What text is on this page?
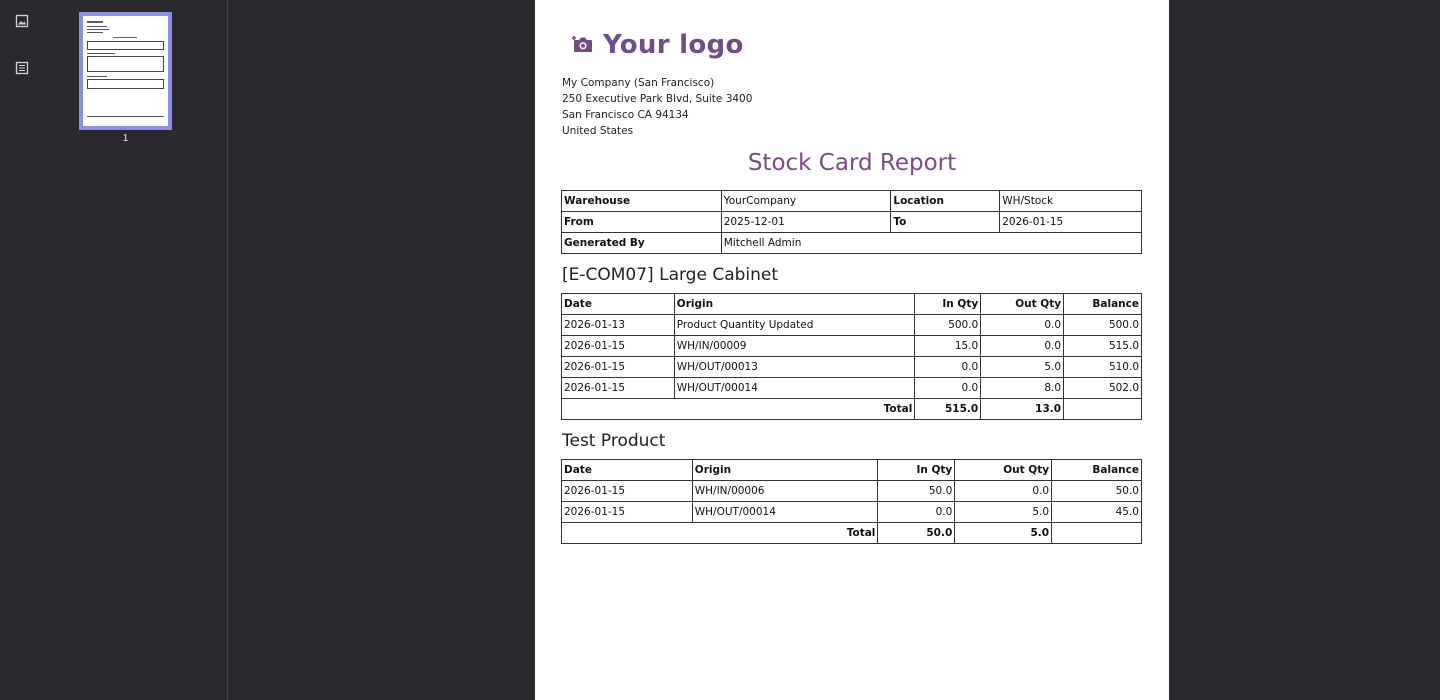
1
Your logo
My Company (San Francisco)
250 Executive Park Blvd, Suite 3400
San Francisco CA 94134
United States
Stock Card Report
Warehouse	YourCompany	Location	WH/Stock
From	2025-12-01	To	2026-01-15
Generated By	Mitchell Admin		
[E-COM07] Large Cabinet
Date	Origin	In Qty	Out Qty	Balance
2026-01-13	Product Quantity Updated	500.0	0.0	500.0
2026-01-15	WH/IN/00009	15.0	0.0	515.0
2026-01-15	WH/OUT/00013	0.0	5.0	510.0
2026-01-15	WH/OUT/00014	0.0	8.0	502.0
Total		515.0	13.0	
Test Product
Date	Origin	In Qty	Out Qty	Balance
2026-01-15	WH/IN/00006	50.0	0.0	50.0
2026-01-15	WH/OUT/00014	0.0	5.0	45.0
Total		50.0	5.0	
